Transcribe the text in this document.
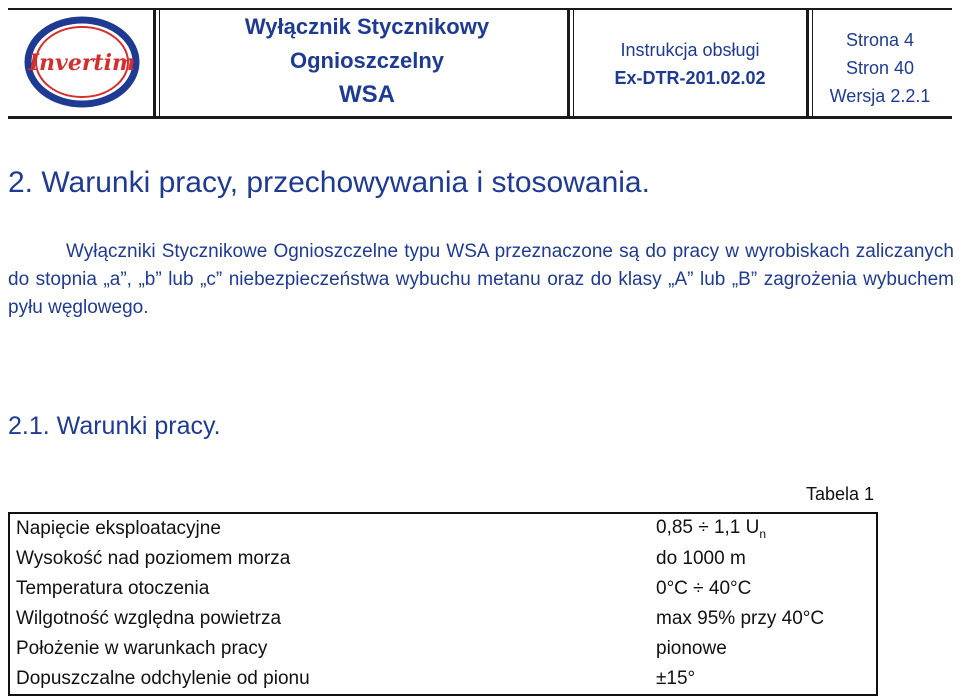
Invertim
Wyłącznik Stycznikowy
Ognioszczelny
WSA
Instrukcja obsługi
Ex-DTR-201.02.02
Strona 4
Stron 40
Wersja 2.2.1
2. Warunki pracy, przechowywania i stosowania.
Wyłączniki Stycznikowe Ognioszczelne typu WSA przeznaczone są do pracy w wyrobiskach zaliczanych do stopnia „a”, „b” lub „c” niebezpieczeństwa wybuchu metanu oraz do klasy „A” lub „B” zagrożenia wybuchem pyłu węglowego.
2.1. Warunki pracy.
Tabela 1
Napięcie eksploatacyjne	0,85 ÷ 1,1 $U_n$
Wysokość nad poziomem morza	do 1000 m
Temperatura otoczenia	0°C ÷ 40°C
Wilgotność względna powietrza	max 95% przy 40°C
Położenie w warunkach pracy	pionowe
Dopuszczalne odchylenie od pionu	±15°
